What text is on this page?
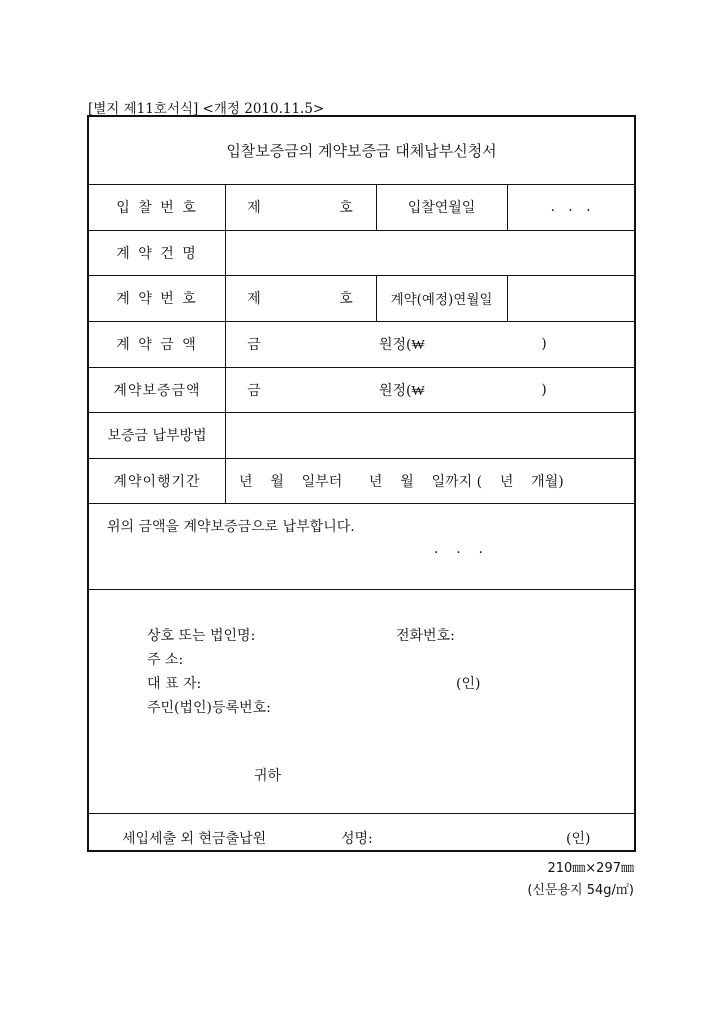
[별지 제11호서식] <개정 2010.11.5>
입찰보증금의 계약보증금 대체납부신청서
입 찰 번 호	제	호	입찰연월일	.   .   .
계 약 건 명
계 약 번 호	제	호	계약(예정)연월일
계 약 금 액	금	원정(₩	)
계약보증금액	금	원정(₩	)
보증금 납부방법
계약이행기간	년    월    일부터      년    월    일까지 (    년    개월)
위의 금액을 계약보증금으로 납부합니다.
.    .    .
상호 또는 법인명:	전화번호:
주 소:
대 표 자:	(인)
주민(법인)등록번호:
귀하
세입세출 외 현금출납원	성명:	(인)
210㎜×297㎜
(신문용지 54g/㎡)
